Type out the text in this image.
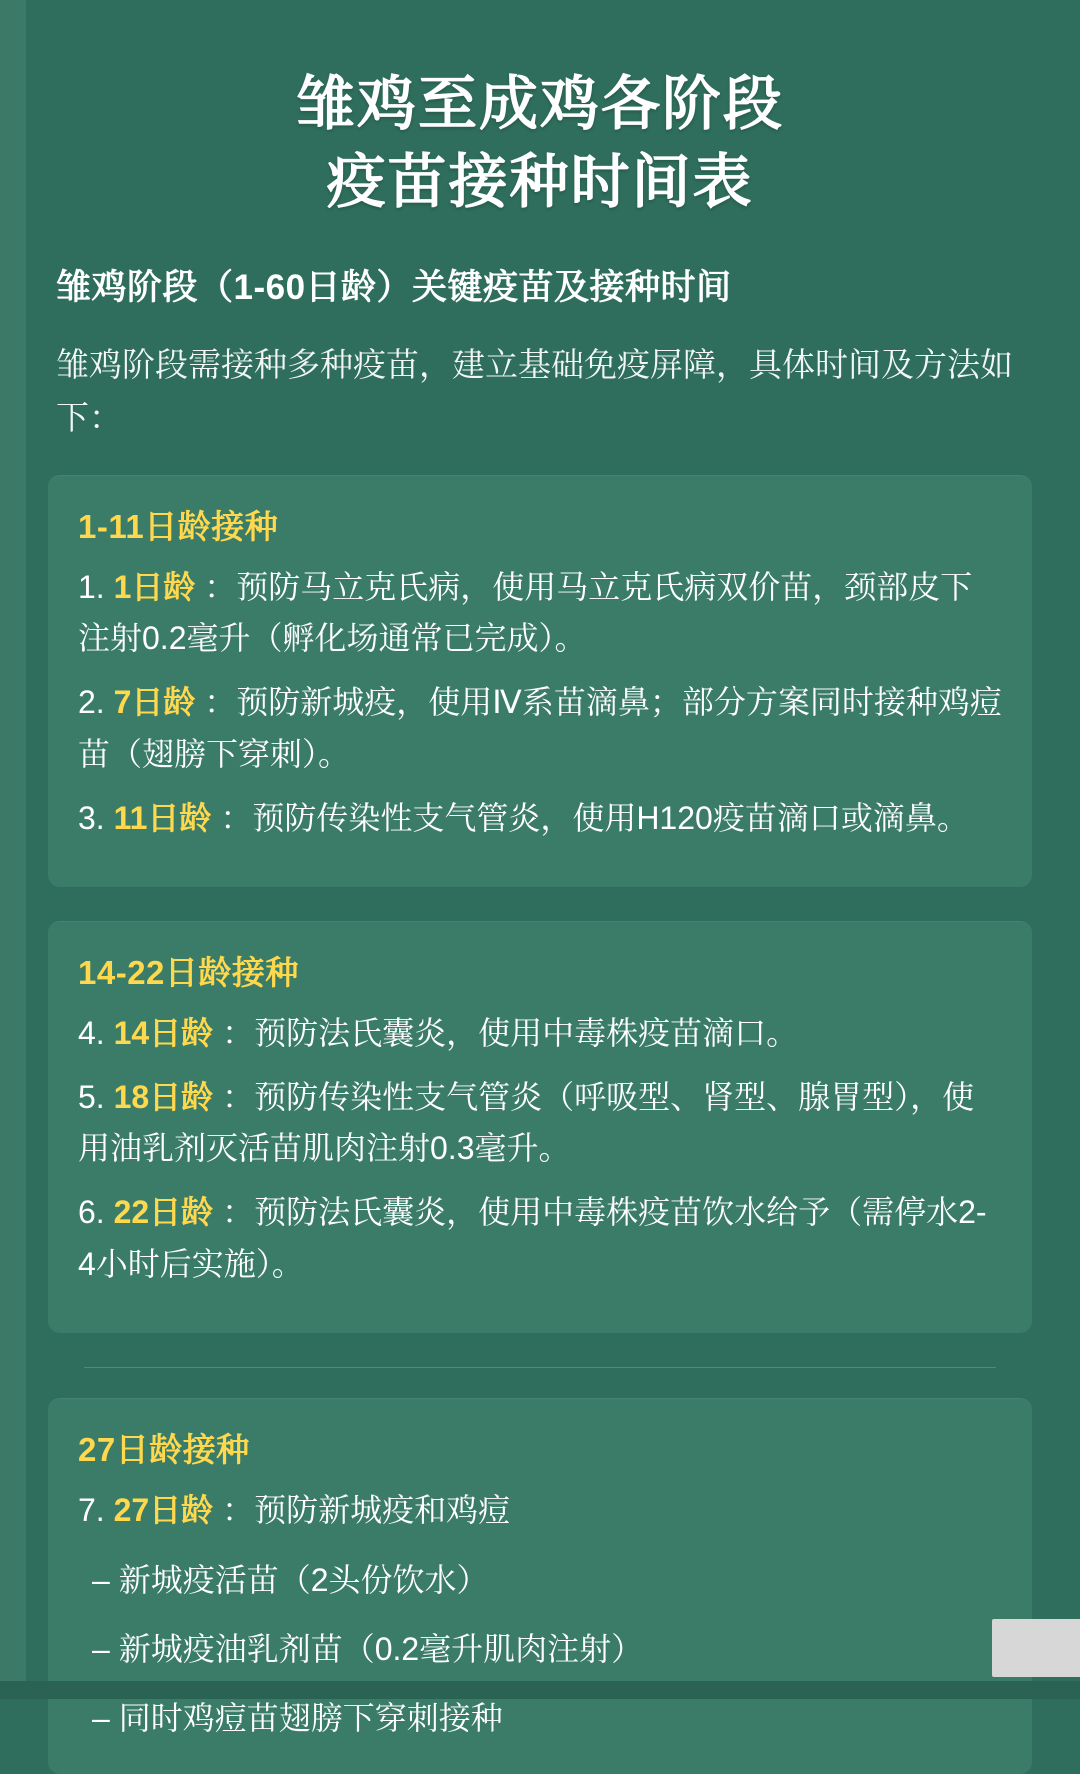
雏鸡至成鸡各阶段
疫苗接种时间表
雏鸡阶段（1-60日龄）关键疫苗及接种时间
雏鸡阶段需接种多种疫苗，建立基础免疫屏障，具体时间及方法如下：
1-11日龄接种
1. 1日龄 ：预防马立克氏病，使用马立克氏病双价苗，颈部皮下注射0.2毫升（孵化场通常已完成）。
2. 7日龄 ：预防新城疫，使用Ⅳ系苗滴鼻；部分方案同时接种鸡痘苗（翅膀下穿刺）。
3. 11日龄 ：预防传染性支气管炎，使用H120疫苗滴口或滴鼻。
14-22日龄接种
4. 14日龄 ：预防法氏囊炎，使用中毒株疫苗滴口。
5. 18日龄 ：预防传染性支气管炎（呼吸型、肾型、腺胃型），使用油乳剂灭活苗肌肉注射0.3毫升。
6. 22日龄 ：预防法氏囊炎，使用中毒株疫苗饮水给予（需停水2-4小时后实施）。
27日龄接种
7. 27日龄 ：预防新城疫和鸡痘
– 新城疫活苗（2头份饮水）
– 新城疫油乳剂苗（0.2毫升肌肉注射）
– 同时鸡痘苗翅膀下穿刺接种
